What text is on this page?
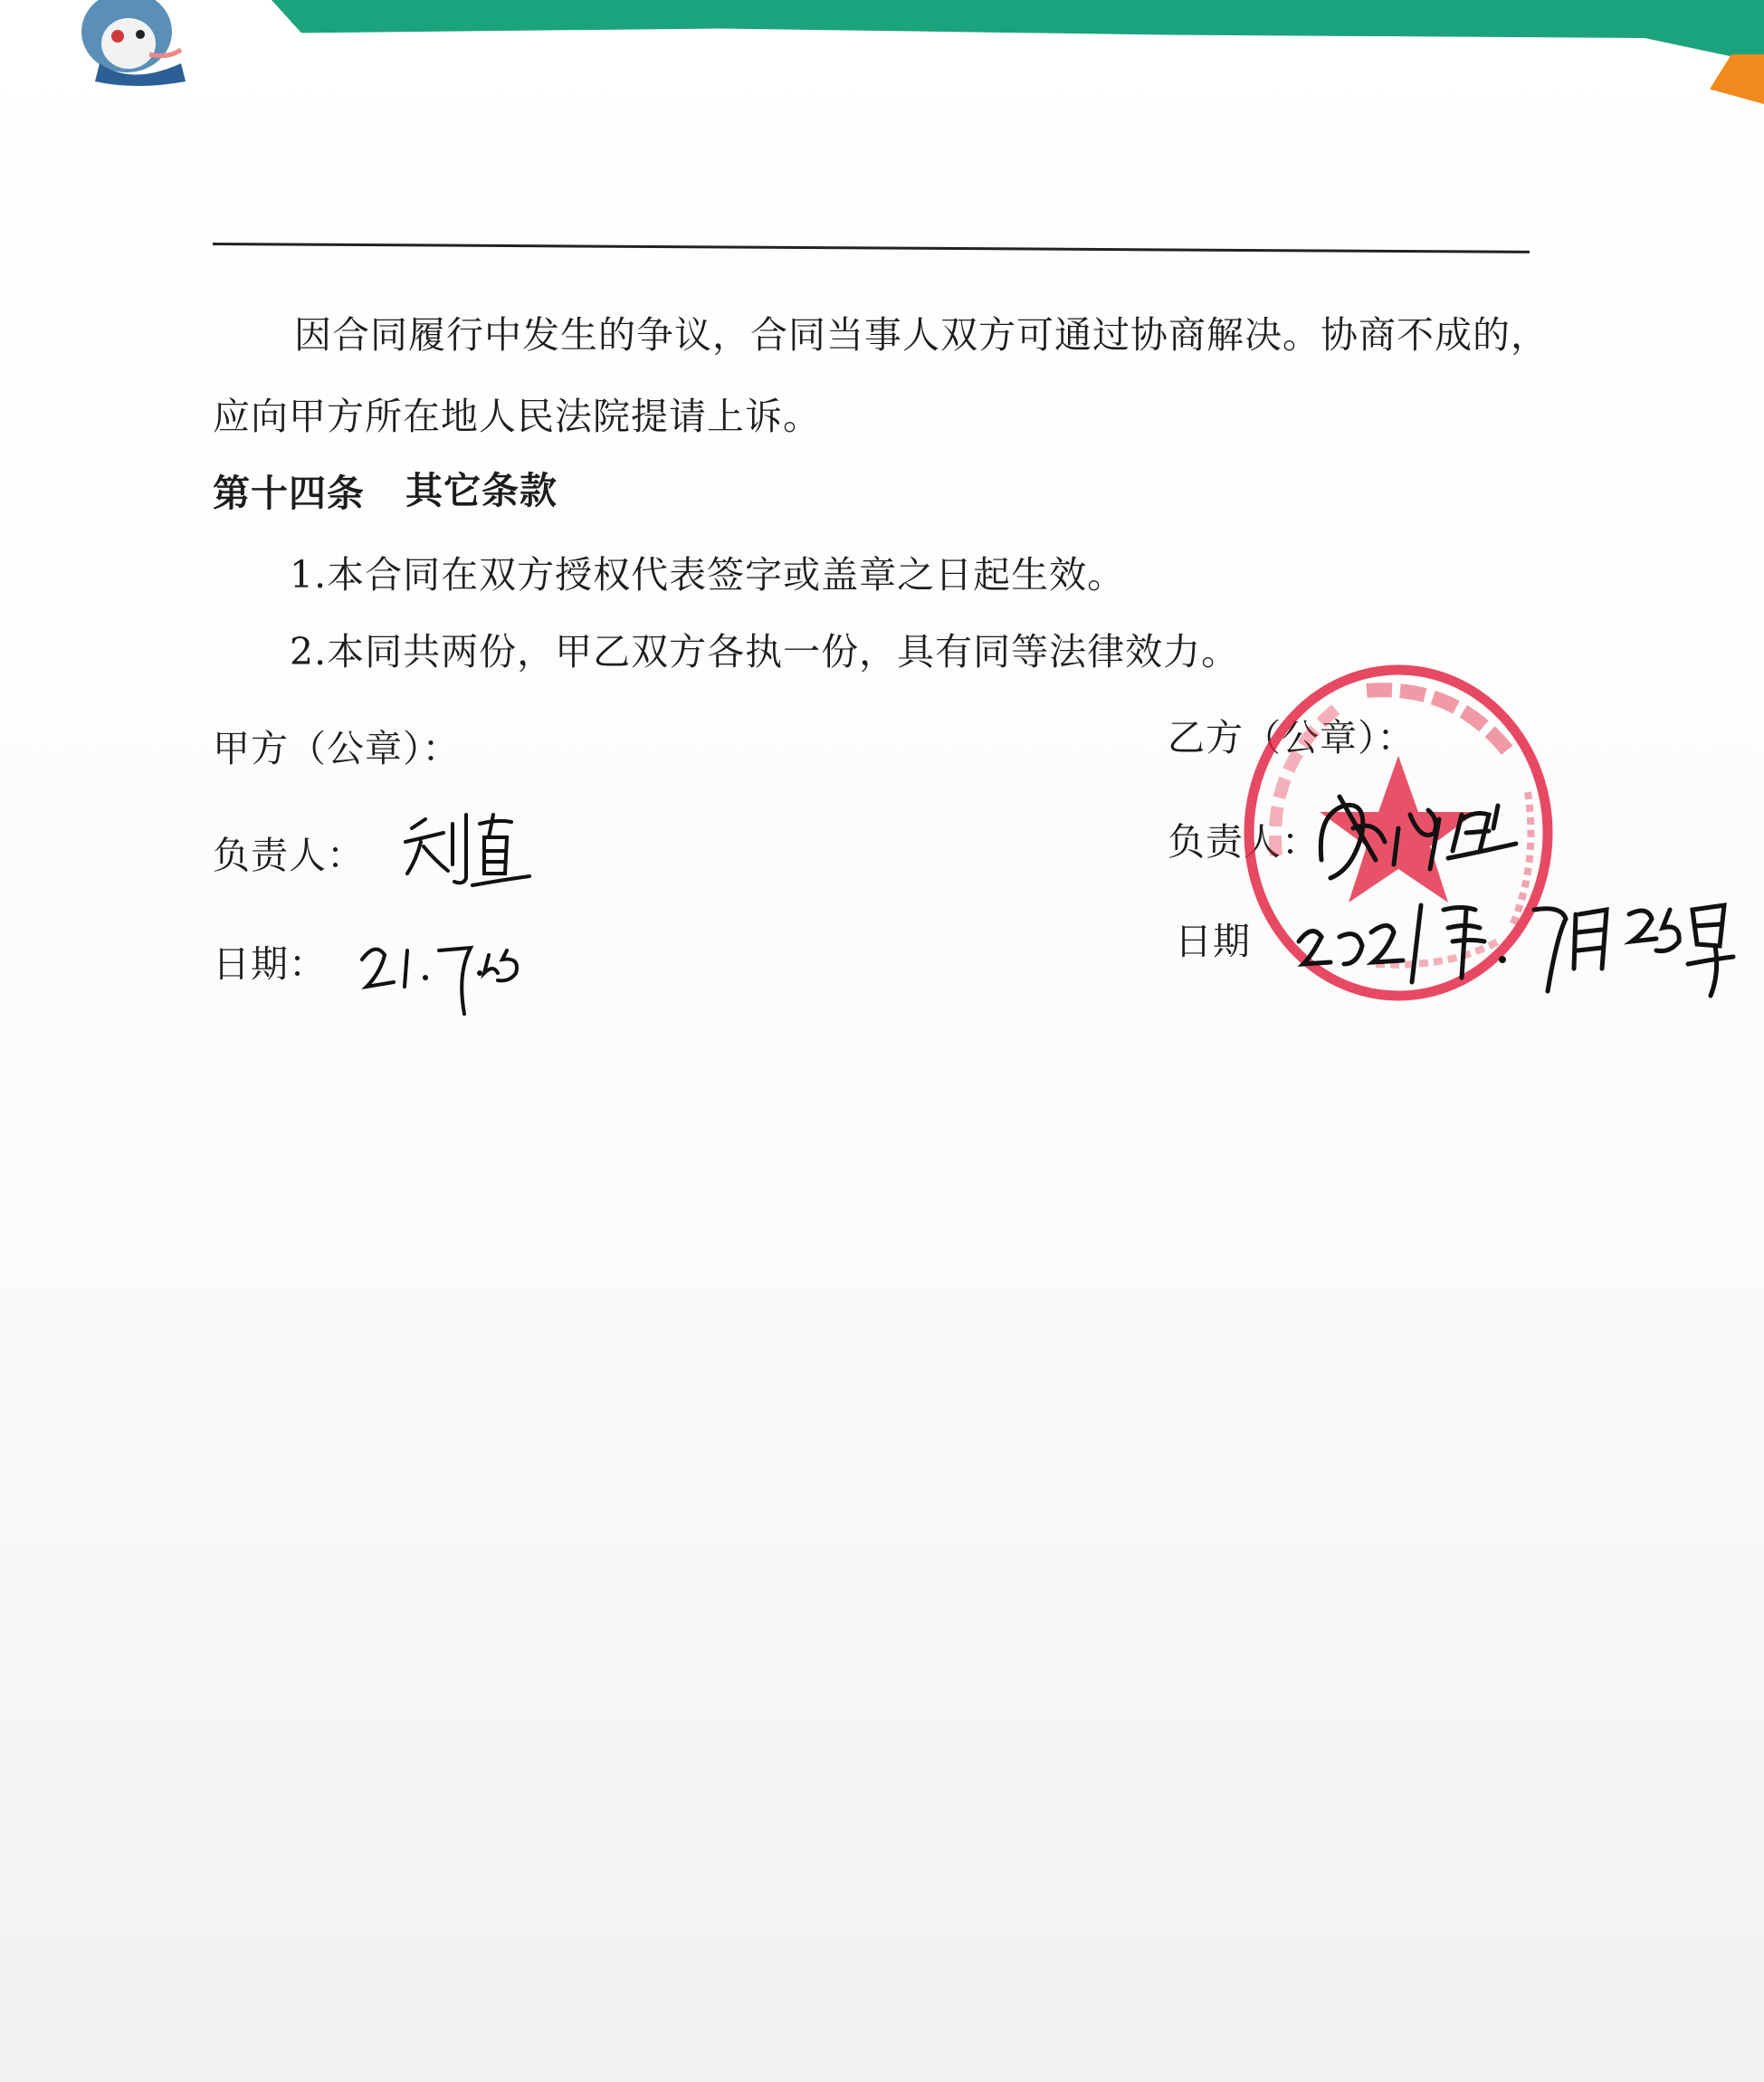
因合同履行中发生的争议，合同当事人双方可通过协商解决。协商不成的，
应向甲方所在地人民法院提请上诉。
第十四条 其它条款
1.本合同在双方授权代表签字或盖章之日起生效。
2.本同共两份，甲乙双方各执一份，具有同等法律效力。
甲方（公章）：
负责人：
日期：
乙方（公章）：
负责人：
日期
